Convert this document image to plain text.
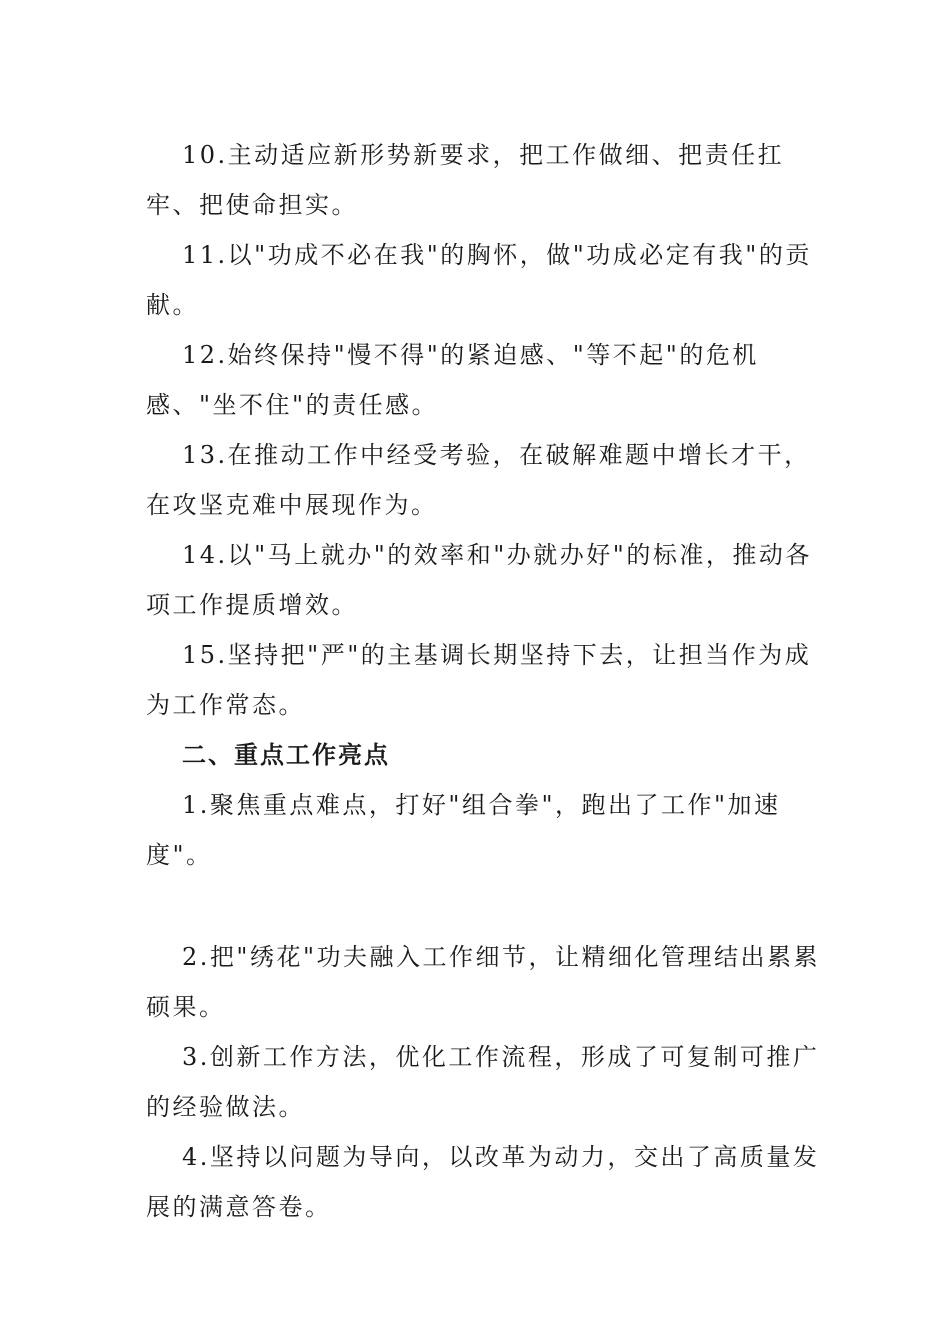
10.主动适应新形势新要求，把工作做细、把责任扛牢、把使命担实。

11.以"功成不必在我"的胸怀，做"功成必定有我"的贡献。

12.始终保持"慢不得"的紧迫感、"等不起"的危机感、"坐不住"的责任感。

13.在推动工作中经受考验，在破解难题中增长才干，在攻坚克难中展现作为。

14.以"马上就办"的效率和"办就办好"的标准，推动各项工作提质增效。

15.坚持把"严"的主基调长期坚持下去，让担当作为成为工作常态。

二、重点工作亮点

1.聚焦重点难点，打好"组合拳"，跑出了工作"加速度"。

2.把"绣花"功夫融入工作细节，让精细化管理结出累累硕果。

3.创新工作方法，优化工作流程，形成了可复制可推广的经验做法。

4.坚持以问题为导向，以改革为动力，交出了高质量发展的满意答卷。
